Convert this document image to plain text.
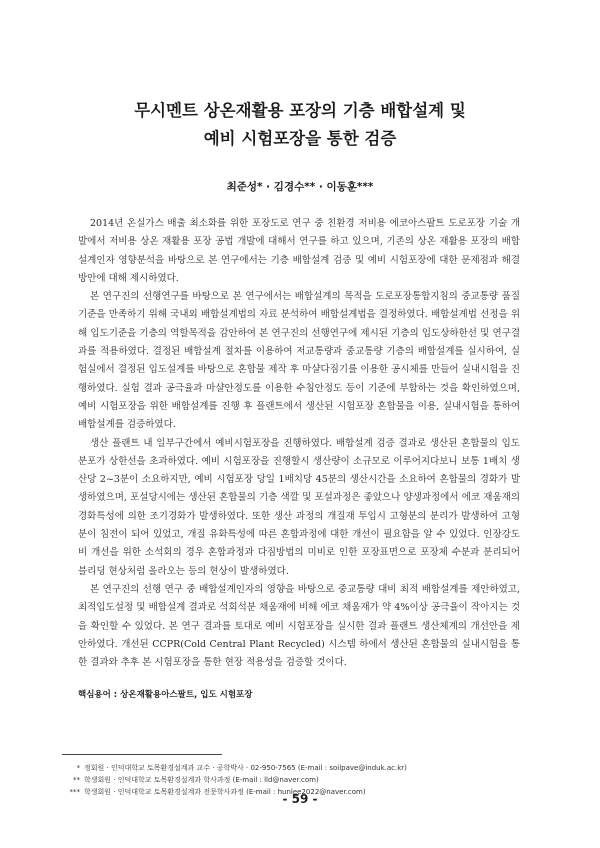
무시멘트 상온재활용 포장의 기층 배합설계 및
예비 시험포장을 통한 검증
최준성* · 김경수** · 이동훈***

2014년 온실가스 배출 최소화를 위한 포장도로 연구 중 친환경 저비용 에코아스팔트 도로포장 기술 개발에서 저비용 상온 재활용 포장 공법 개발에 대해서 연구를 하고 있으며, 기존의 상온 재활용 포장의 배합설계인자 영향분석을 바탕으로 본 연구에서는 기층 배합설계 검증 및 예비 시험포장에 대한 문제점과 해결방안에 대해 제시하였다.

본 연구진의 선행연구를 바탕으로 본 연구에서는 배합설계의 목적을 도로포장통합지침의 중교통량 품질기준을 만족하기 위해 국내외 배합설계법의 자료 분석하여 배합설계법을 결정하였다. 배합설계법 선정을 위해 입도기준을 기층의 역할목적을 감안하여 본 연구진의 선행연구에 제시된 기층의 입도상하한선 및 연구결과를 적용하였다. 결정된 배합설계 절차를 이용하여 저교통량과 중교통량 기층의 배합설계를 실시하여, 실험실에서 결정된 입도설계를 바탕으로 혼합물 제작 후 마샬다짐기를 이용한 공시체를 만들어 실내시험을 진행하였다. 실험 결과 공극율과 마샬안정도를 이용한 수침안정도 등이 기준에 부합하는 것을 확인하였으며, 예비 시험포장을 위한 배합설계를 진행 후 플랜트에서 생산된 시험포장 혼합물을 이용, 실내시험을 통하여 배합설계를 검증하였다.

생산 플랜트 내 일부구간에서 예비시험포장을 진행하였다. 배합설계 검증 결과로 생산된 혼합물의 입도분포가 상한선을 초과하였다. 예비 시험포장을 진행할시 생산량이 소규모로 이루어지다보니 보통 1배치 생산당 2~3분이 소요하지만, 예비 시험포장 당일 1배치당 45분의 생산시간을 소요하여 혼합물의 경화가 발생하였으며, 포설당시에는 생산된 혼합물의 기층 색깔 및 포설과정은 좋았으나 양생과정에서 에코 재움재의 경화특성에 의한 조기경화가 발생하였다. 또한 생산 과정의 개질재 투입시 고형분의 분리가 발생하여 고형분이 침전이 되어 있었고, 개질 유화특성에 따른 혼합과정에 대한 개선이 필요함을 알 수 있었다. 인장강도비 개선을 위한 소석회의 경우 혼합과정과 다짐방법의 미비로 인한 포장표면으로 포장체 수분과 분리되어 블리딩 현상처럼 올라오는 등의 현상이 발생하였다.

본 연구진의 선행 연구 중 배합설계인자의 영향을 바탕으로 중교통량 대비 최적 배합설계를 제안하였고, 최적입도설정 및 배합설계 결과로 석회석분 채움재에 비해 에코 채움재가 약 4%이상 공극율이 작아지는 것을 확인할 수 있었다. 본 연구 결과를 토대로 예비 시험포장을 실시한 결과 플랜트 생산체계의 개선안을 제안하였다. 개선된 CCPR(Cold Central Plant Recycled) 시스템 하에서 생산된 혼합물의 실내시험을 통한 결과와 추후 본 시험포장을 통한 현장 적용성을 검증할 것이다.

핵심용어 : 상온재활용아스팔트, 입도 시험포장
* 정회원 · 인덕대학교 토목환경설계과 교수 · 공학박사 · 02-950-7565 (E-mail : soilpave@induk.ac.kr)
** 학생회원 · 인덕대학교 토목환경설계과 학사과정 (E-mail : lld@naver.com)
*** 학생회원 · 인덕대학교 토목환경설계과 전문학사과정 (E-mail : hunlee2022@naver.com)
- 59 -
